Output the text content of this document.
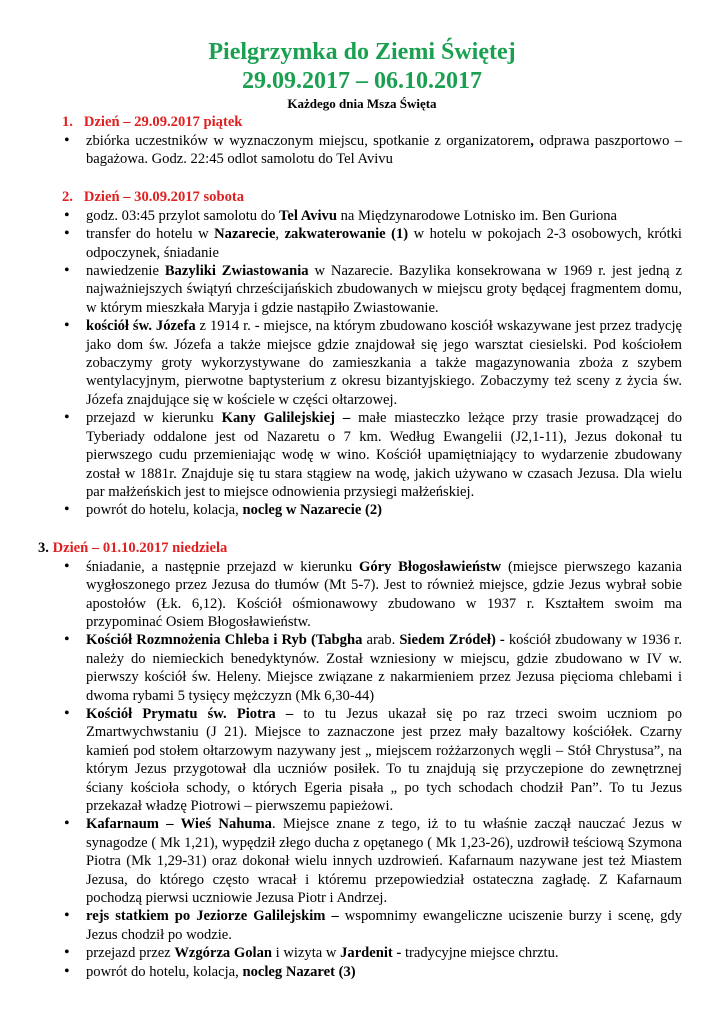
Pielgrzymka do Ziemi Świętej
29.09.2017 – 06.10.2017
Każdego dnia Msza Święta
1. Dzień – 29.09.2017 piątek
• zbiórka uczestników w wyznaczonym miejscu, spotkanie z organizatorem, odprawa paszportowo – bagażowa. Godz. 22:45 odlot samolotu do Tel Avivu
2. Dzień – 30.09.2017 sobota
• godz. 03:45 przylot samolotu do Tel Avivu na Międzynarodowe Lotnisko im. Ben Guriona
• transfer do hotelu w Nazarecie, zakwaterowanie (1) w hotelu w pokojach 2-3 osobowych, krótki odpoczynek, śniadanie
• nawiedzenie Bazyliki Zwiastowania w Nazarecie. Bazylika konsekrowana w 1969 r. jest jedną z najważniejszych świątyń chrześcijańskich zbudowanych w miejscu groty będącej fragmentem domu, w którym mieszkała Maryja i gdzie nastąpiło Zwiastowanie.
• kościół św. Józefa z 1914 r. - miejsce, na którym zbudowano kosciół wskazywane jest przez tradycję jako dom św. Józefa a także miejsce gdzie znajdował się jego warsztat ciesielski. Pod kościołem zobaczymy groty wykorzystywane do zamieszkania a także magazynowania zboża z szybem wentylacyjnym, pierwotne baptysterium z okresu bizantyjskiego. Zobaczymy też sceny z życia św. Józefa znajdujące się w kościele w części ołtarzowej.
• przejazd w kierunku Kany Galilejskiej – małe miasteczko leżące przy trasie prowadzącej do Tyberiady oddalone jest od Nazaretu o 7 km. Według Ewangelii (J2,1-11), Jezus dokonał tu pierwszego cudu przemieniając wodę w wino. Kościół upamiętniający to wydarzenie zbudowany został w 1881r. Znajduje się tu stara stągiew na wodę, jakich używano w czasach Jezusa. Dla wielu par małżeńskich jest to miejsce odnowienia przysiegi małżeńskiej.
• powrót do hotelu, kolacja, nocleg w Nazarecie (2)
3. Dzień – 01.10.2017 niedziela
• śniadanie, a następnie przejazd w kierunku Góry Błogosławieństw (miejsce pierwszego kazania wygłoszonego przez Jezusa do tłumów (Mt 5-7). Jest to również miejsce, gdzie Jezus wybrał sobie apostołów (Łk. 6,12). Kościół ośmionawowy zbudowano w 1937 r. Kształtem swoim ma przypominać Osiem Błogosławieństw.
• Kościół Rozmnożenia Chleba i Ryb (Tabgha arab. Siedem Zródeł) - kościół zbudowany w 1936 r. należy do niemieckich benedyktynów. Został wzniesiony w miejscu, gdzie zbudowano w IV w. pierwszy kościół św. Heleny. Miejsce związane z nakarmieniem przez Jezusa pięcioma chlebami i dwoma rybami 5 tysięcy mężczyzn (Mk 6,30-44)
• Kościół Prymatu św. Piotra – to tu Jezus ukazał się po raz trzeci swoim uczniom po Zmartwychwstaniu (J 21). Miejsce to zaznaczone jest przez mały bazaltowy kościółek. Czarny kamień pod stołem ołtarzowym nazywany jest „ miejscem rożżarzonych węgli – Stół Chrystusa”, na którym Jezus przygotował dla uczniów posiłek. To tu znajdują się przyczepione do zewnętrznej ściany kościoła schody, o których Egeria pisała „ po tych schodach chodził Pan”. To tu Jezus przekazał władzę Piotrowi – pierwszemu papieżowi.
• Kafarnaum – Wieś Nahuma. Miejsce znane z tego, iż to tu właśnie zaczął nauczać Jezus w synagodze ( Mk 1,21), wypędził złego ducha z opętanego ( Mk 1,23-26), uzdrowił teściową Szymona Piotra (Mk 1,29-31) oraz dokonał wielu innych uzdrowień. Kafarnaum nazywane jest też Miastem Jezusa, do którego często wracał i któremu przepowiedział ostateczna zagładę. Z Kafarnaum pochodzą pierwsi uczniowie Jezusa Piotr i Andrzej.
• rejs statkiem po Jeziorze Galilejskim – wspomnimy ewangeliczne uciszenie burzy i scenę, gdy Jezus chodził po wodzie.
• przejazd przez Wzgórza Golan i wizyta w Jardenit - tradycyjne miejsce chrztu.
• powrót do hotelu, kolacja, nocleg Nazaret (3)
